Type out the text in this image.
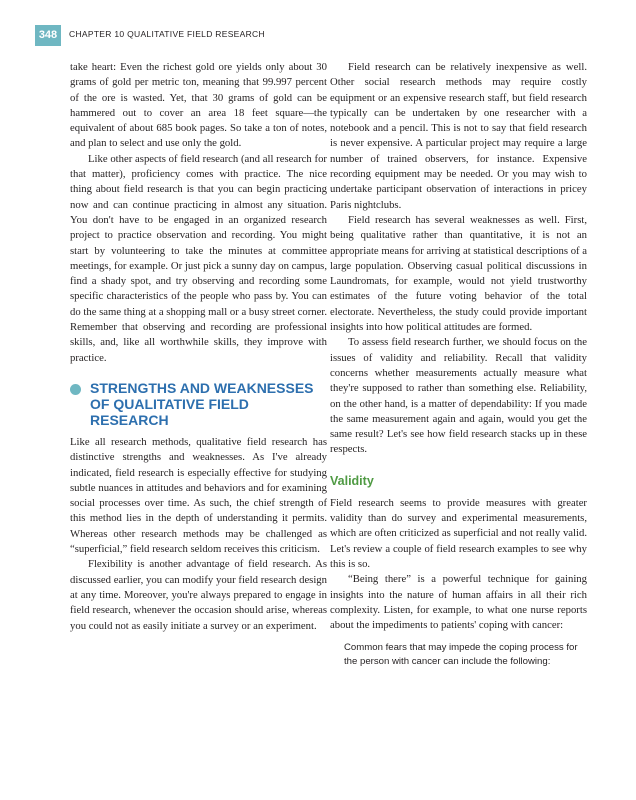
348	CHAPTER 10 QUALITATIVE FIELD RESEARCH

take heart: Even the richest gold ore yields only about 30 grams of gold per metric ton, meaning that 99.997 percent of the ore is wasted. Yet, that 30 grams of gold can be hammered out to cover an area 18 feet square—the equivalent of about 685 book pages. So take a ton of notes, and plan to select and use only the gold.

Like other aspects of field research (and all research for that matter), proficiency comes with practice. The nice thing about field research is that you can begin practicing now and can continue practicing in almost any situation. You don't have to be engaged in an organized research project to practice observation and recording. You might start by volunteering to take the minutes at committee meetings, for example. Or just pick a sunny day on campus, find a shady spot, and try observing and recording some specific characteristics of the people who pass by. You can do the same thing at a shopping mall or a busy street corner. Remember that observing and recording are professional skills, and, like all worthwhile skills, they improve with practice.

STRENGTHS AND WEAKNESSES OF QUALITATIVE FIELD RESEARCH

Like all research methods, qualitative field research has distinctive strengths and weaknesses. As I've already indicated, field research is especially effective for studying subtle nuances in attitudes and behaviors and for examining social processes over time. As such, the chief strength of this method lies in the depth of understanding it permits. Whereas other research methods may be challenged as “superficial,” field research seldom receives this criticism.

Flexibility is another advantage of field research. As discussed earlier, you can modify your field research design at any time. Moreover, you're always prepared to engage in field research, whenever the occasion should arise, whereas you could not as easily initiate a survey or an experiment.

Field research can be relatively inexpensive as well. Other social research methods may require costly equipment or an expensive research staff, but field research typically can be undertaken by one researcher with a notebook and a pencil. This is not to say that field research is never expensive. A particular project may require a large number of trained observers, for instance. Expensive recording equipment may be needed. Or you may wish to undertake participant observation of interactions in pricey Paris nightclubs.

Field research has several weaknesses as well. First, being qualitative rather than quantitative, it is not an appropriate means for arriving at statistical descriptions of a large population. Observing casual political discussions in Laundromats, for example, would not yield trustworthy estimates of the future voting behavior of the total electorate. Nevertheless, the study could provide important insights into how political attitudes are formed.

To assess field research further, we should focus on the issues of validity and reliability. Recall that validity concerns whether measurements actually measure what they're supposed to rather than something else. Reliability, on the other hand, is a matter of dependability: If you made the same measurement again and again, would you get the same result? Let's see how field research stacks up in these respects.

Validity

Field research seems to provide measures with greater validity than do survey and experimental measurements, which are often criticized as superficial and not really valid. Let's review a couple of field research examples to see why this is so.

“Being there” is a powerful technique for gaining insights into the nature of human affairs in all their rich complexity. Listen, for example, to what one nurse reports about the impediments to patients' coping with cancer:

Common fears that may impede the coping process for the person with cancer can include the following:
